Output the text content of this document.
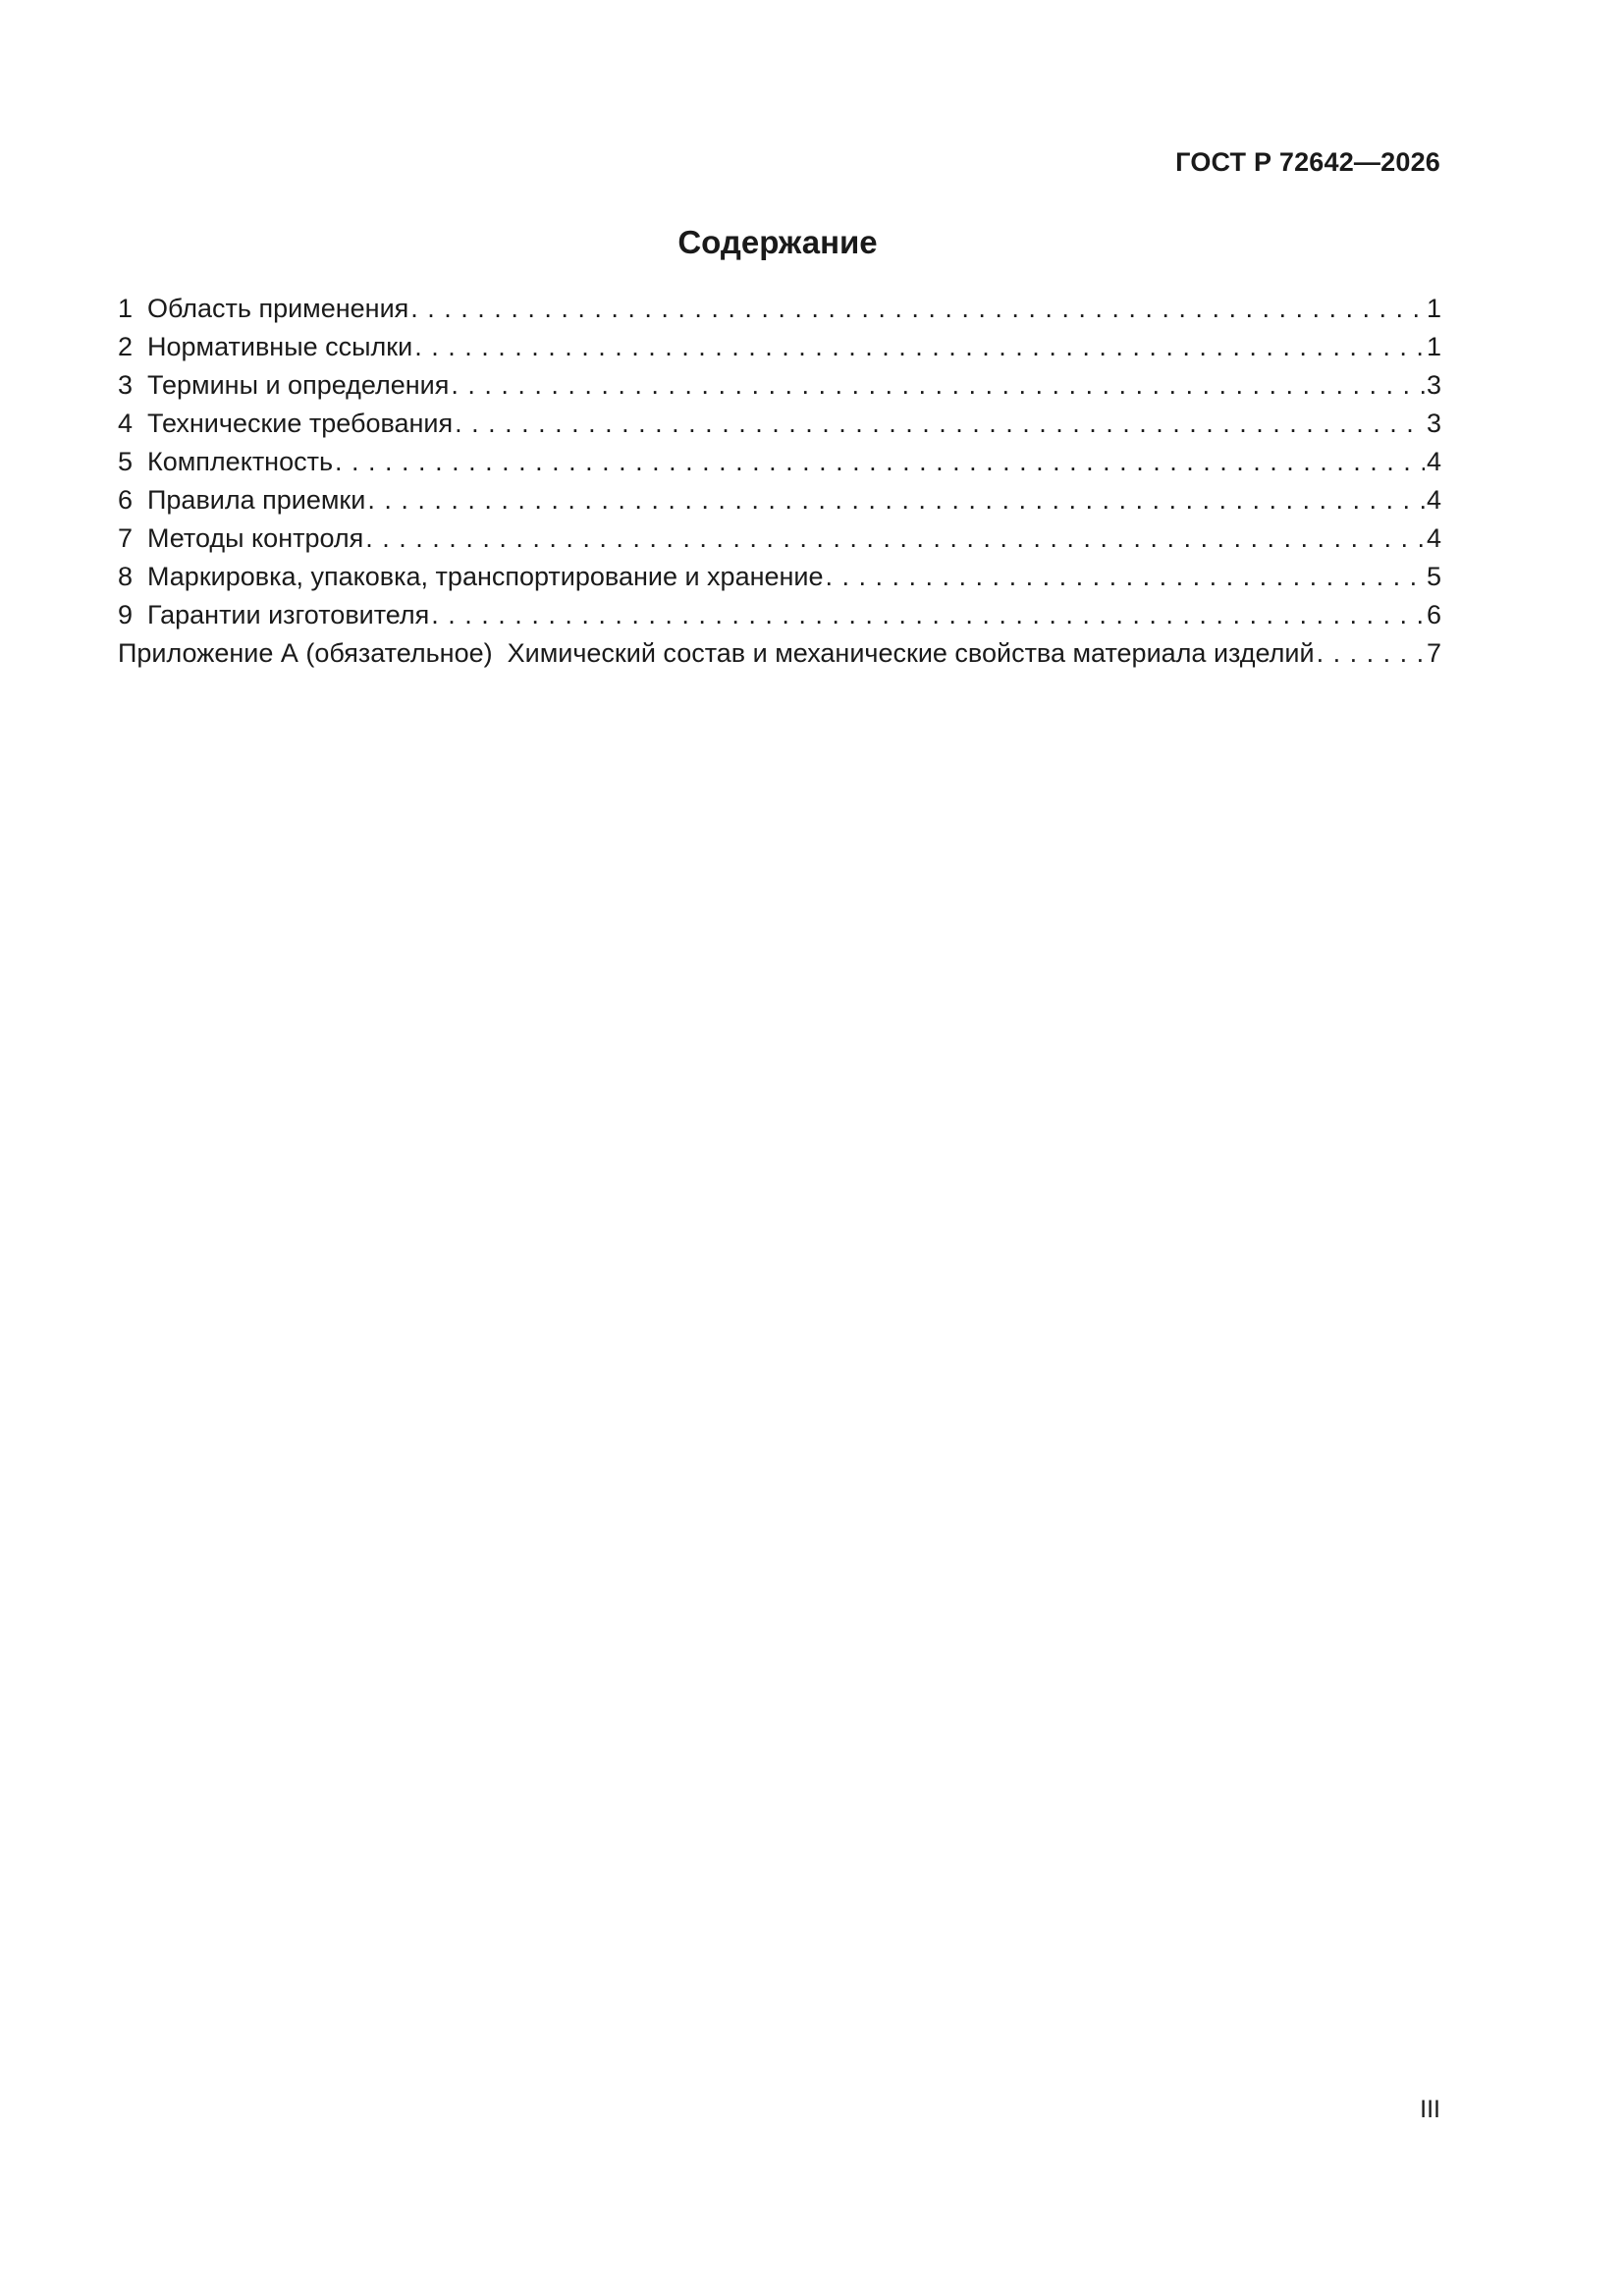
ГОСТ Р 72642—2026
Содержание
1 Область применения . . .	1
2 Нормативные ссылки . . .	1
3 Термины и определения . . .	3
4 Технические требования . . .	3
5 Комплектность . . .	4
6 Правила приемки . . .	4
7 Методы контроля . . .	4
8 Маркировка, упаковка, транспортирование и хранение . . .	5
9 Гарантии изготовителя . . .	6
Приложение А (обязательное)  Химический состав и механические свойства материала изделий . . .	7
III
